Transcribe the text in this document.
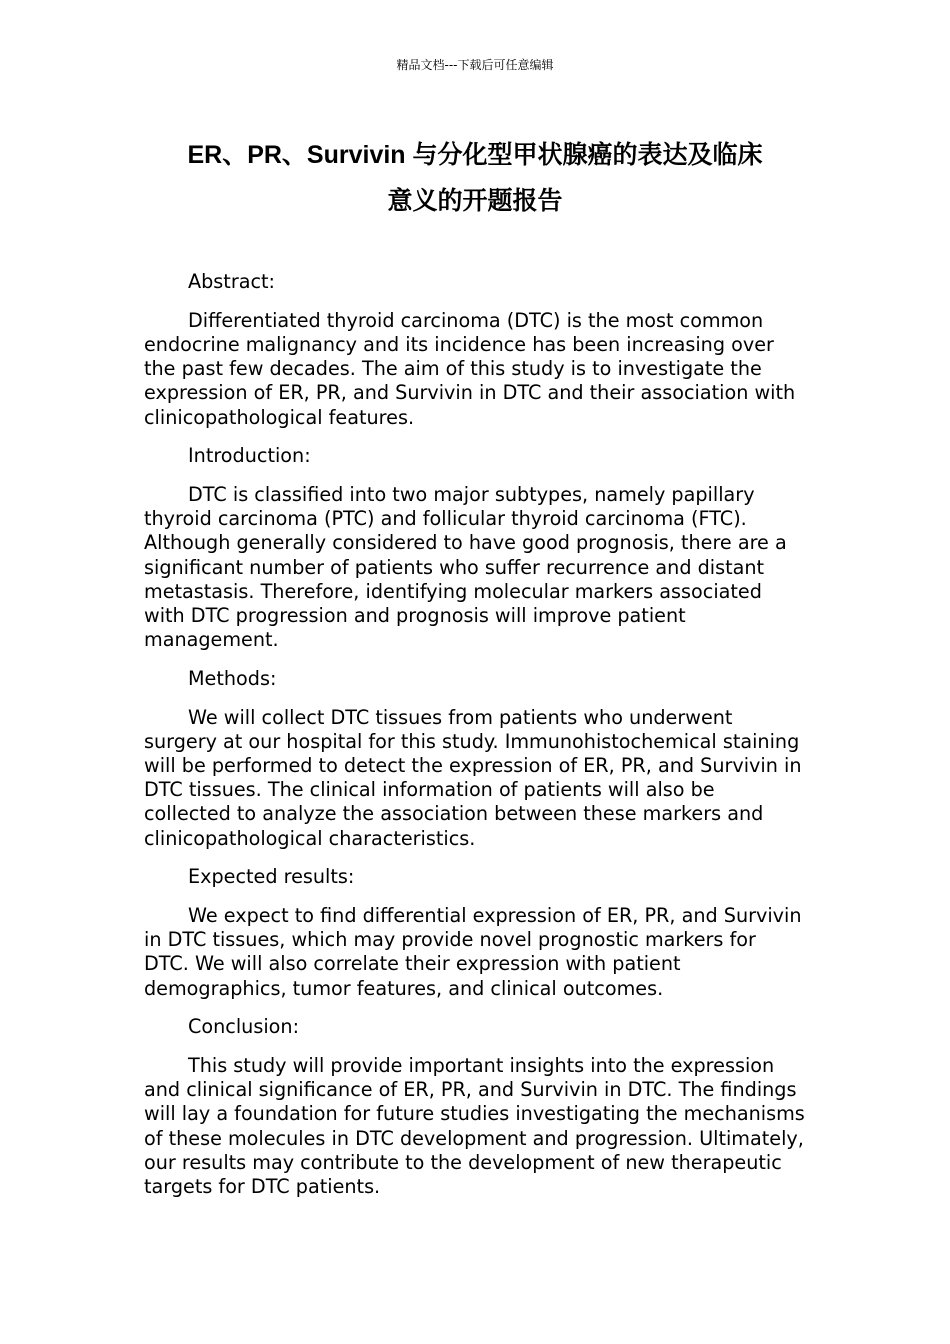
精品文档---下载后可任意编辑
ER、PR、Survivin 与分化型甲状腺癌的表达及临床
意义的开题报告

Abstract:

Differentiated thyroid carcinoma (DTC) is the most common endocrine malignancy and its incidence has been increasing over the past few decades. The aim of this study is to investigate the expression of ER, PR, and Survivin in DTC and their association with clinicopathological features.

Introduction:

DTC is classified into two major subtypes, namely papillary thyroid carcinoma (PTC) and follicular thyroid carcinoma (FTC). Although generally considered to have good prognosis, there are a significant number of patients who suffer recurrence and distant metastasis. Therefore, identifying molecular markers associated with DTC progression and prognosis will improve patient management.

Methods:

We will collect DTC tissues from patients who underwent surgery at our hospital for this study. Immunohistochemical staining will be performed to detect the expression of ER, PR, and Survivin in DTC tissues. The clinical information of patients will also be collected to analyze the association between these markers and clinicopathological characteristics.

Expected results:

We expect to find differential expression of ER, PR, and Survivin in DTC tissues, which may provide novel prognostic markers for DTC. We will also correlate their expression with patient demographics, tumor features, and clinical outcomes.

Conclusion:

This study will provide important insights into the expression and clinical significance of ER, PR, and Survivin in DTC. The findings will lay a foundation for future studies investigating the mechanisms of these molecules in DTC development and progression. Ultimately, our results may contribute to the development of new therapeutic targets for DTC patients.
